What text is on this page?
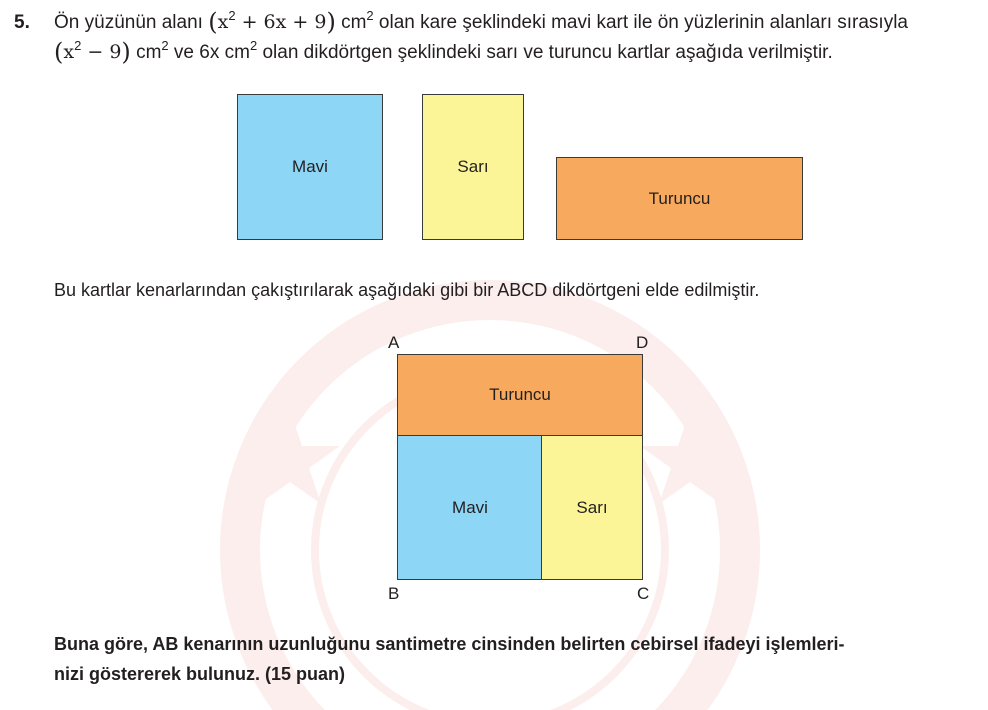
5. Ön yüzünün alanı $(x^2 + 6x + 9)$ $cm^2$ olan kare şeklindeki mavi kart ile ön yüzlerinin alanları sırasıyla
$(x^2 - 9)$ $cm^2$ ve 6x $cm^2$ olan dikdörtgen şeklindeki sarı ve turuncu kartlar aşağıda verilmiştir.
Mavi	Sarı
Turuncu
Bu kartlar kenarlarından çakıştırılarak aşağıdaki gibi bir ABCD dikdörtgeni elde edilmiştir.
A	D
B	C
Turuncu
Mavi	Sarı
Buna göre, AB kenarının uzunluğunu santimetre cinsinden belirten cebirsel ifadeyi işlemleri-
nizi göstererek bulunuz. (15 puan)
